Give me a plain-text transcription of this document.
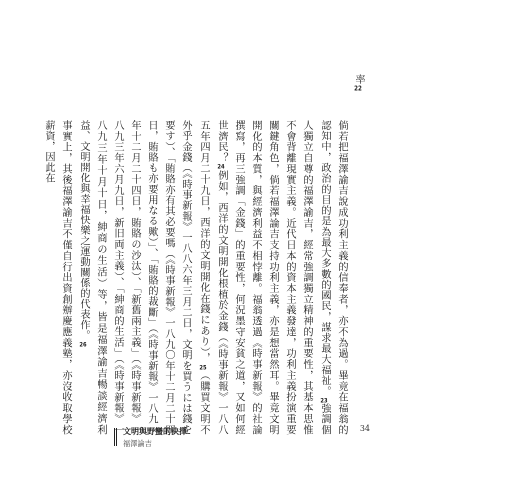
率22

倘若把福澤諭吉說成功利主義的信奉者，亦不為過。畢竟在福翁的認知中，政治的目的是為最大多數的國民，謀求最大福祉。23強調個人獨立自尊的福澤諭吉，經常強調獨立精神的重要性，其基本思惟不會背離現實主義。近代日本的資本主義發達，功利主義扮演重要關鍵角色，倘若福澤論吉支持功利主義，亦是想當然耳。畢竟文明開化的本質，與經濟利益不相悖離。福翁透過《時事新報》的社論撰寫，再三強調「金錢」的重要性，何況墨守安貧之道，又如何經世濟民？24例如，西洋的文明開化根植於金錢（《時事新報》一八八五年四月二十九日，西洋的文明開化在錢にあり），25（購買文明不外乎金錢（《時事新報》一八八六年三月二日，文明を買うには錢を要す）、「賄賂亦有其必要嗎（《時事新報》一八九〇年十二月二十四日，賄賂も亦要用なる歟）」、「賄賂的裁斷」（《時事新報》一八九一年十二月二十四日，賄賂の沙汰）、「新舊兩主義」（《時事新報》一八九三年六月九日，新旧両主義）、「紳商的生活」（《時事新報》一八九三年十月十日，紳商の生活）等，皆是福澤諭吉暢談經濟利益、文明開化與幸福快樂之運動關係的代表作。26

事實上，其後福澤諭吉不僅自行出資創辦慶應義塾，亦沒收取學校薪資，因此在

文明與野蠻的抉擇
福澤論吉
34
